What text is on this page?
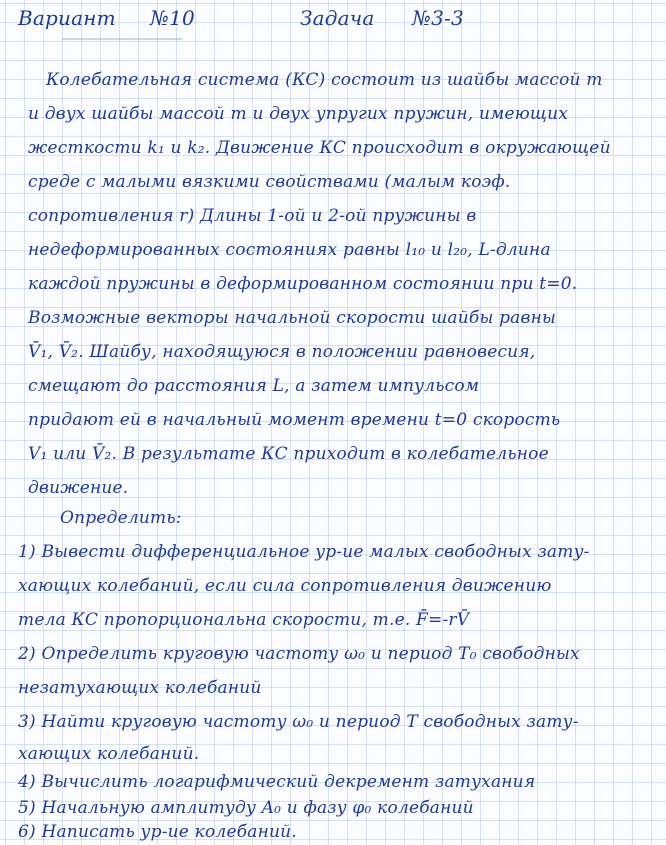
Вариант №10	Задача №3-3
Колебательная система (КС) состоит из шайбы массой m
и двух шайбы массой m и двух упругих пружин, имеющих
жесткости k₁ и k₂. Движение КС происходит в окружающей
среде с малыми вязкими свойствами (малым коэф.
сопротивления r) Длины 1-ой и 2-ой пружины в
недеформированных состояниях равны l₁₀ и l₂₀, L-длина
каждой пружины в деформированном состоянии при t=0.
Возможные векторы начальной скорости шайбы равны
V̄₁, V̄₂. Шайбу, находящуюся в положении равновесия,
смещают до расстояния L, а затем импульсом
придают ей в начальный момент времени t=0 скорость
V₁ или V̄₂. В результате КС приходит в колебательное
движение.
Определить:
1) Вывести дифференциальное ур-ие малых свободных зату-
хающих колебаний, если сила сопротивления движению
тела КС пропорциональна скорости, т.е. F̄=-rV̄
2) Определить круговую частоту ω₀ и период T₀ свободных
незатухающих колебаний
3) Найти круговую частоту ω₀ и период T свободных зату-
хающих колебаний.
4) Вычислить логарифмический декремент затухания
5) Начальную амплитуду A₀ и фазу φ₀ колебаний
6) Написать ур-ие колебаний.
